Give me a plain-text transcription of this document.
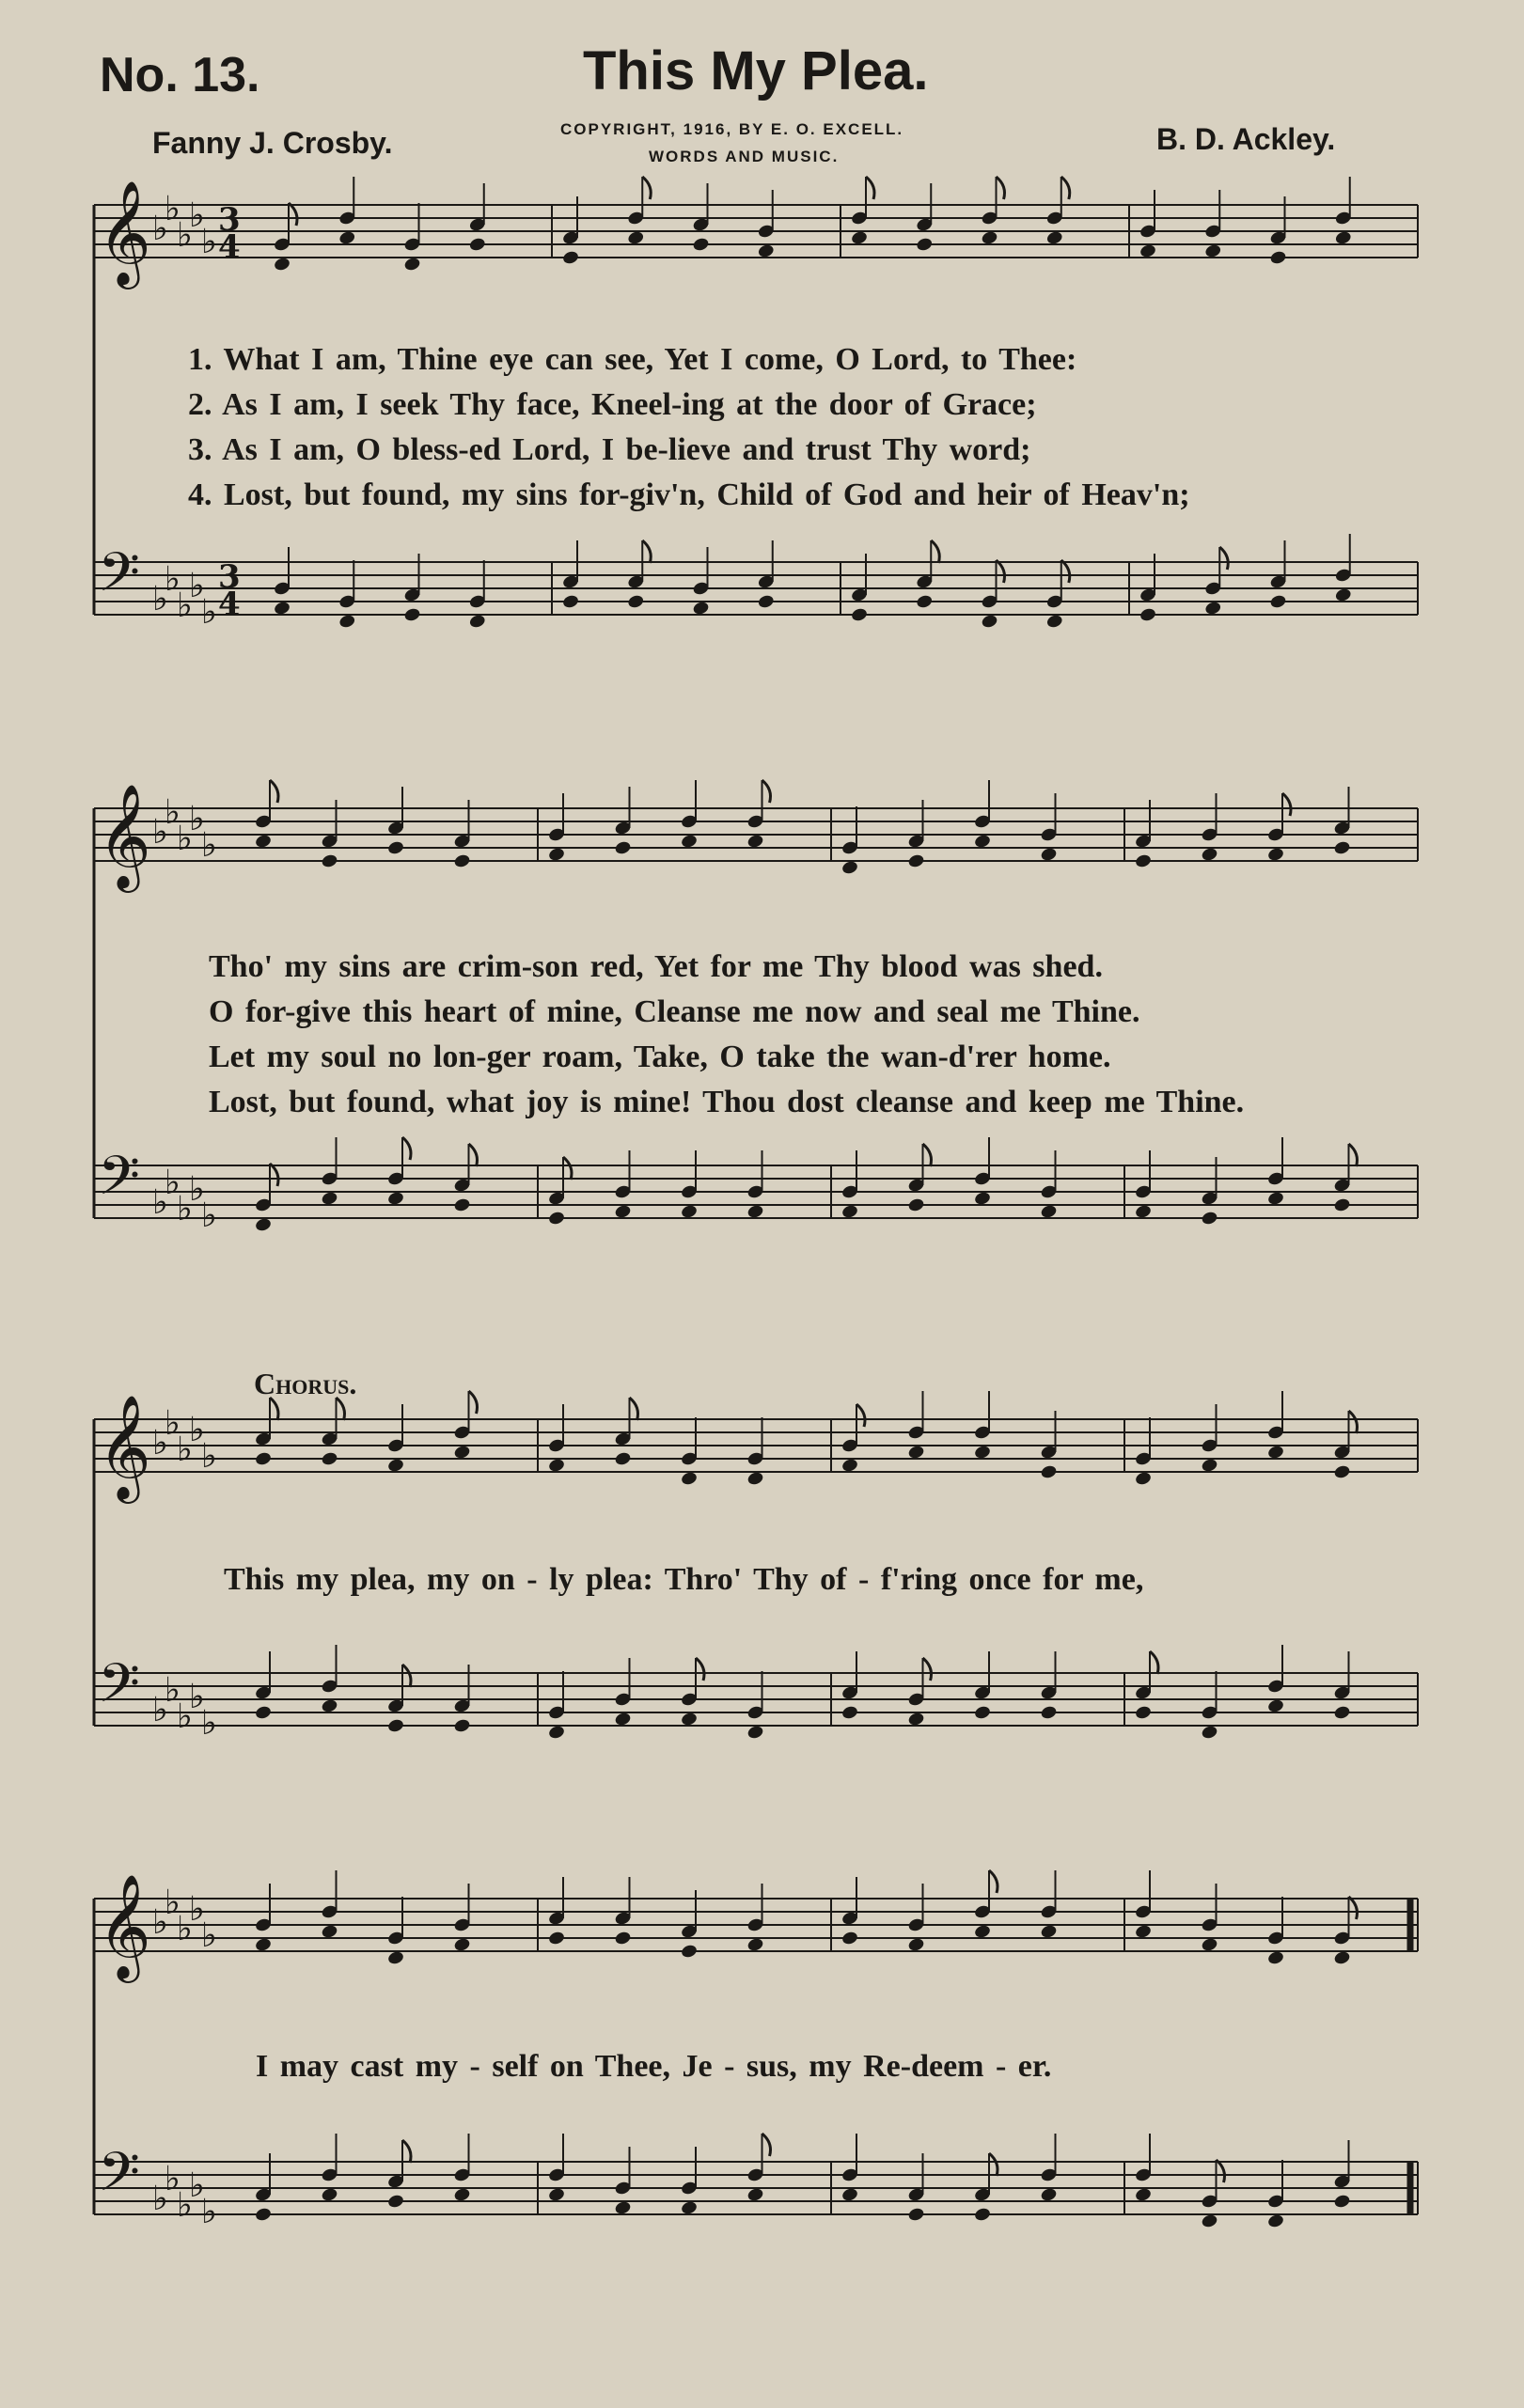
No. 13.	This My Plea.
Fanny J. Crosby.	COPYRIGHT, 1916, BY E. O. EXCELL.
WORDS AND MUSIC.
B. D. Ackley.
𝄞 ♭
♭
♭
♭
♭
3
4
𝄢 ♭
♭
♭
♭
♭
3
4

1. What I am, Thine eye can see, Yet I come, O Lord, to Thee:

2. As I am, I seek Thy face, Kneel-ing at the door of Grace;

3. As I am, O bless-ed Lord, I be-lieve and trust Thy word;

4. Lost, but found, my sins for-giv'n, Child of God and heir of Heav'n;

𝄞 ♭
♭
♭
♭
♭
𝄢 ♭
♭
♭
♭
♭

Tho' my sins are crim-son red, Yet for me Thy blood was shed.

O for-give this heart of mine, Cleanse me now and seal me Thine.

Let my soul no lon-ger roam, Take, O take the wan-d'rer home.

Lost, but found, what joy is mine! Thou dost cleanse and keep me Thine.

𝄞 ♭
♭
♭
♭
♭
𝄢 ♭
♭
♭
♭
♭
Chorus.

This my plea, my on - ly plea: Thro' Thy of - f'ring once for me,

𝄞 ♭
♭
♭
♭
♭
𝄢 ♭
♭
♭
♭
♭

I may cast my - self on Thee, Je - sus, my Re-deem - er.
